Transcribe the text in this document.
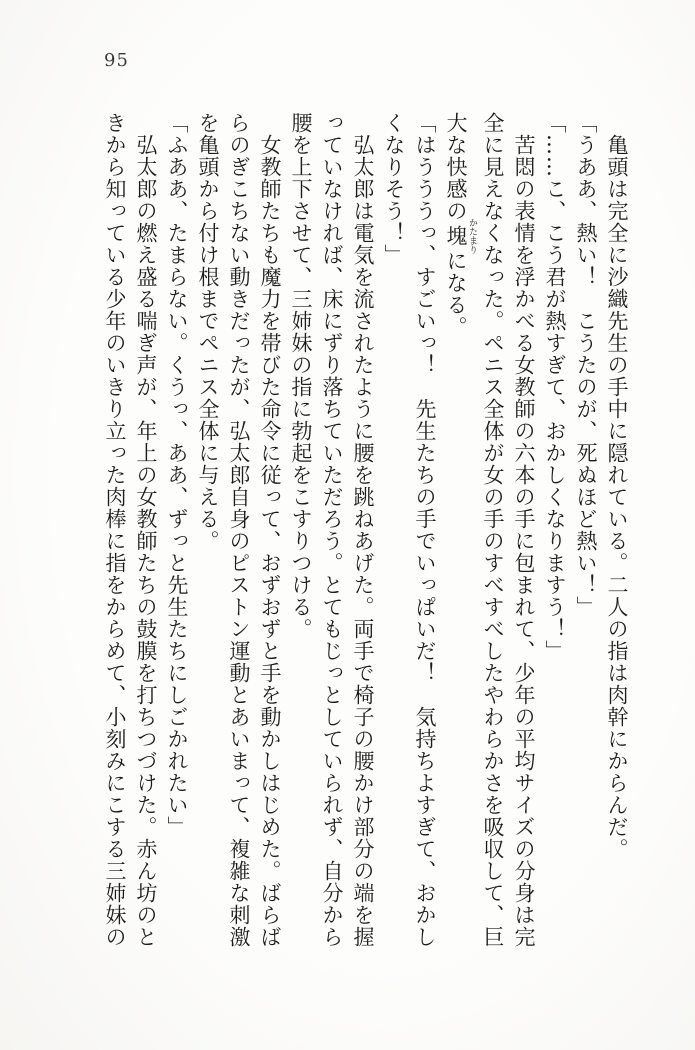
95
亀頭は完全に沙織先生の手中に隠れている。二人の指は肉幹にからんだ。
「うああ、熱い！　こうたのが、死ぬほど熱い！」
「……こ、こう君が熱すぎて、おかしくなりますう！」
苦悶の表情を浮かべる女教師の六本の手に包まれて、少年の平均サイズの分身は完
全に見えなくなった。ペニス全体が女の手のすべすべしたやわらかさを吸収して、巨
大な快感の塊 かたまりになる。
「はうううっ、すごいっ！　先生たちの手でいっぱいだ！　気持ちよすぎて、おかし
くなりそう！」
弘太郎は電気を流されたように腰を跳ねあげた。両手で椅子の腰かけ部分の端を握
っていなければ、床にずり落ちていただろう。とてもじっとしていられず、自分から
腰を上下させて、三姉妹の指に勃起をこすりつける。
女教師たちも魔力を帯びた命令に従って、おずおずと手を動かしはじめた。ばらば
らのぎこちない動きだったが、弘太郎自身のピストン運動とあいまって、複雑な刺激
を亀頭から付け根までペニス全体に与える。
「ふああ、たまらない。くうっ、ああ、ずっと先生たちにしごかれたい」
弘太郎の燃え盛る喘ぎ声が、年上の女教師たちの鼓膜を打ちつづけた。赤ん坊のと
きから知っている少年のいきり立った肉棒に指をからめて、小刻みにこする三姉妹の
